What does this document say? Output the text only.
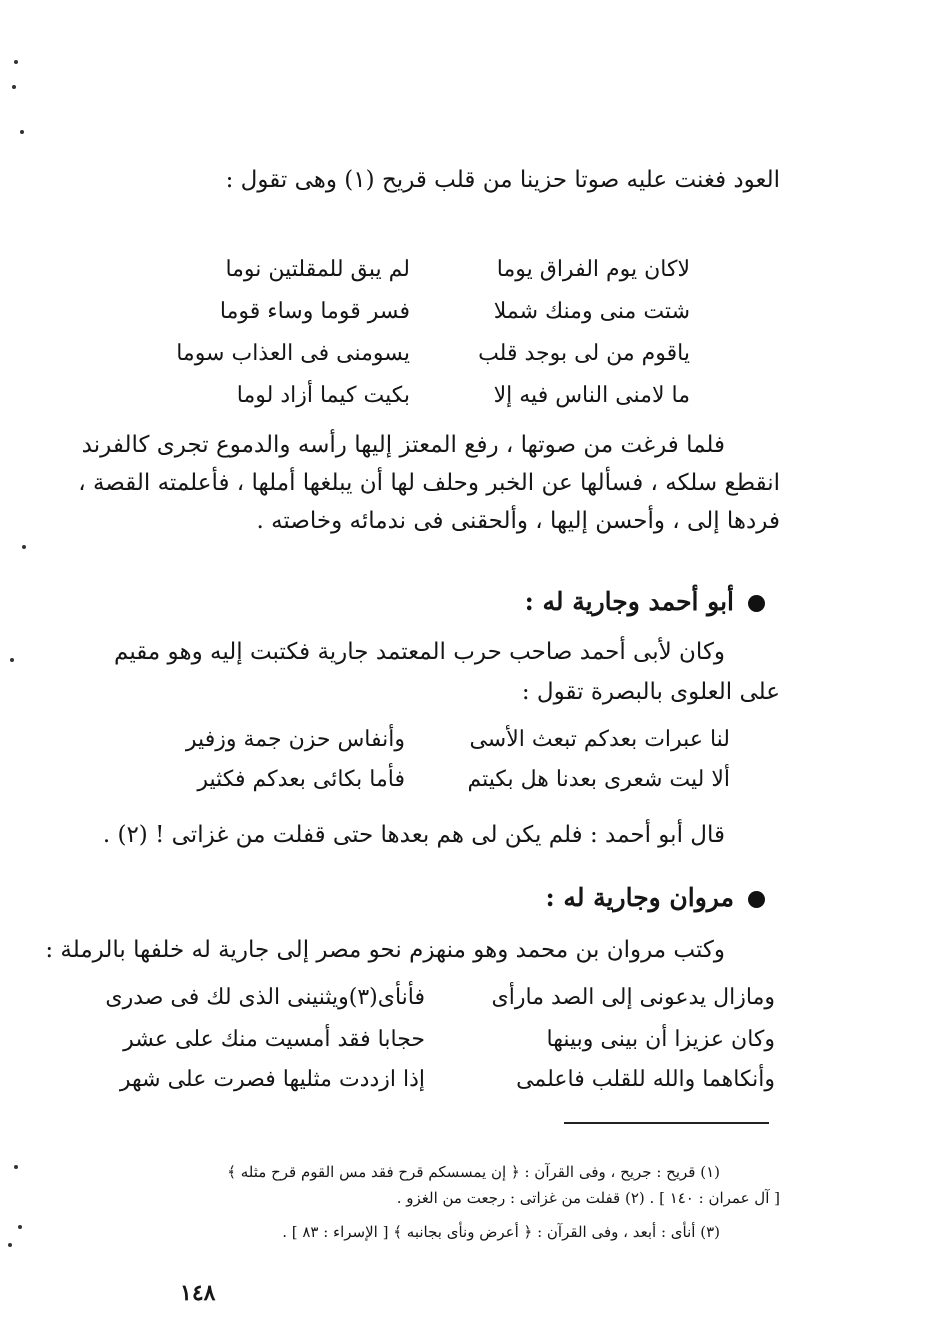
العود فغنت عليه صوتا حزينا من قلب قريح (١) وهى تقول :
لاكان يوم الفراق يوما
لم يبق للمقلتين نوما
شتت منى ومنك شملا
فسر قوما وساء قوما
ياقوم من لى بوجد قلب
يسومنى فى العذاب سوما
ما لامنى الناس فيه إلا
بكيت كيما أزاد لوما
فلما فرغت من صوتها ، رفع المعتز إليها رأسه والدموع تجرى كالفرند
انقطع سلكه ، فسألها عن الخبر وحلف لها أن يبلغها أملها ، فأعلمته القصة ،
فردها إلى ، وأحسن إليها ، وألحقنى فى ندمائه وخاصته .
أبو أحمد وجارية له :
وكان لأبى أحمد صاحب حرب المعتمد جارية فكتبت إليه وهو مقيم
على العلوى بالبصرة تقول :
لنا عبرات بعدكم تبعث الأسى
وأنفاس حزن جمة وزفير
ألا ليت شعرى بعدنا هل بكيتم
فأما بكائى بعدكم فكثير
قال أبو أحمد : فلم يكن لى هم بعدها حتى قفلت من غزاتى ! (٢) .
مروان وجارية له :
وكتب مروان بن محمد وهو منهزم نحو مصر إلى جارية له خلفها بالرملة :
ومازال يدعونى إلى الصد مارأى
فأنأى(٣)ويثنينى الذى لك فى صدرى
وكان عزيزا أن بينى وبينها
حجابا فقد أمسيت منك على عشر
وأنكاهما والله للقلب فاعلمى
إذا ازددت مثليها فصرت على شهر
(١) قريح : جريح ، وفى القرآن : ﴿ إن يمسسكم قرح فقد مس القوم قرح مثله ﴾
[ آل عمران : ١٤٠ ] . (٢) قفلت من غزاتى : رجعت من الغزو .
(٣) أنأى : أبعد ، وفى القرآن : ﴿ أعرض ونأى بجانبه ﴾ [ الإسراء : ٨٣ ] .
١٤٨
